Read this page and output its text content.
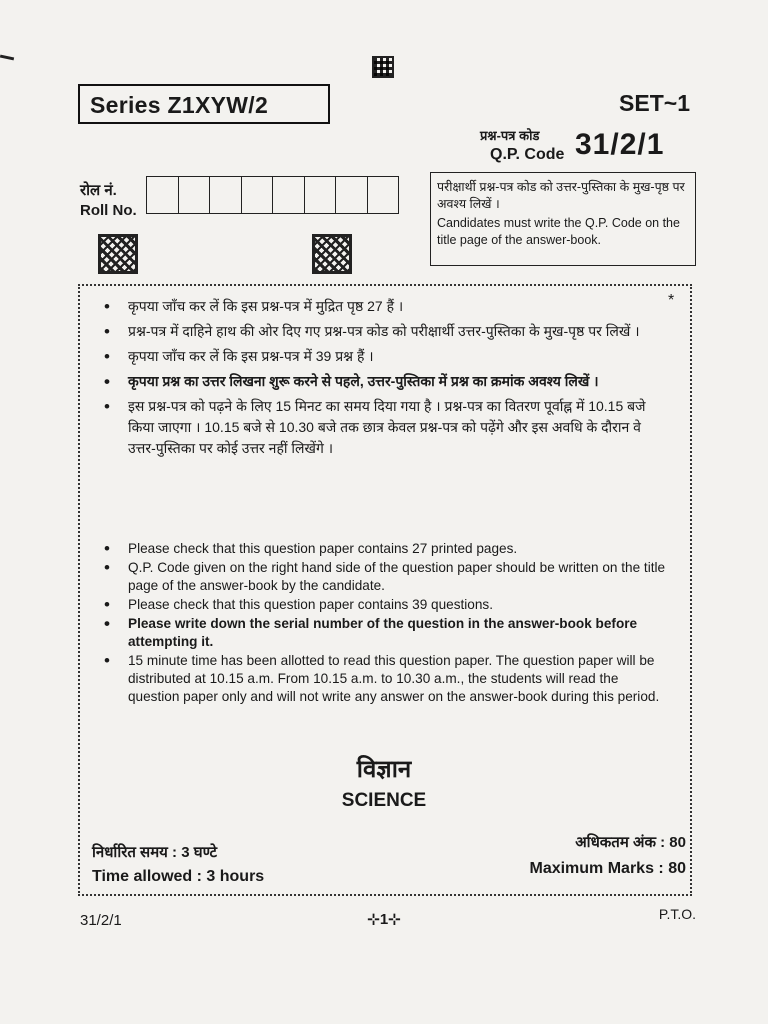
Series Z1XYW/2	SET~1
प्रश्न-पत्र कोड
Q.P. Code 31/2/1
रोल नं.
Roll No.
परीक्षार्थी प्रश्न-पत्र कोड को उत्तर-पुस्तिका के मुख-पृष्ठ पर अवश्य लिखें ।
Candidates must write the Q.P. Code on the title page of the answer-book.
*
• कृपया जाँच कर लें कि इस प्रश्न-पत्र में मुद्रित पृष्ठ 27 हैं ।
• प्रश्न-पत्र में दाहिने हाथ की ओर दिए गए प्रश्न-पत्र कोड को परीक्षार्थी उत्तर-पुस्तिका के मुख-पृष्ठ पर लिखें ।
• कृपया जाँच कर लें कि इस प्रश्न-पत्र में 39 प्रश्न हैं ।
• कृपया प्रश्न का उत्तर लिखना शुरू करने से पहले, उत्तर-पुस्तिका में प्रश्न का क्रमांक अवश्य लिखें ।
• इस प्रश्न-पत्र को पढ़ने के लिए 15 मिनट का समय दिया गया है । प्रश्न-पत्र का वितरण पूर्वाह्न में 10.15 बजे किया जाएगा । 10.15 बजे से 10.30 बजे तक छात्र केवल प्रश्न-पत्र को पढ़ेंगे और इस अवधि के दौरान वे उत्तर-पुस्तिका पर कोई उत्तर नहीं लिखेंगे ।
• Please check that this question paper contains 27 printed pages.
• Q.P. Code given on the right hand side of the question paper should be written on the title page of the answer-book by the candidate.
• Please check that this question paper contains 39 questions.
• Please write down the serial number of the question in the answer-book before attempting it.
• 15 minute time has been allotted to read this question paper. The question paper will be distributed at 10.15 a.m. From 10.15 a.m. to 10.30 a.m., the students will read the question paper only and will not write any answer on the answer-book during this period.
विज्ञान
SCIENCE
निर्धारित समय : 3 घण्टे
Time allowed : 3 hours
अधिकतम अंक : 80
Maximum Marks : 80
31/2/1	⊹1⊹	P.T.O.
